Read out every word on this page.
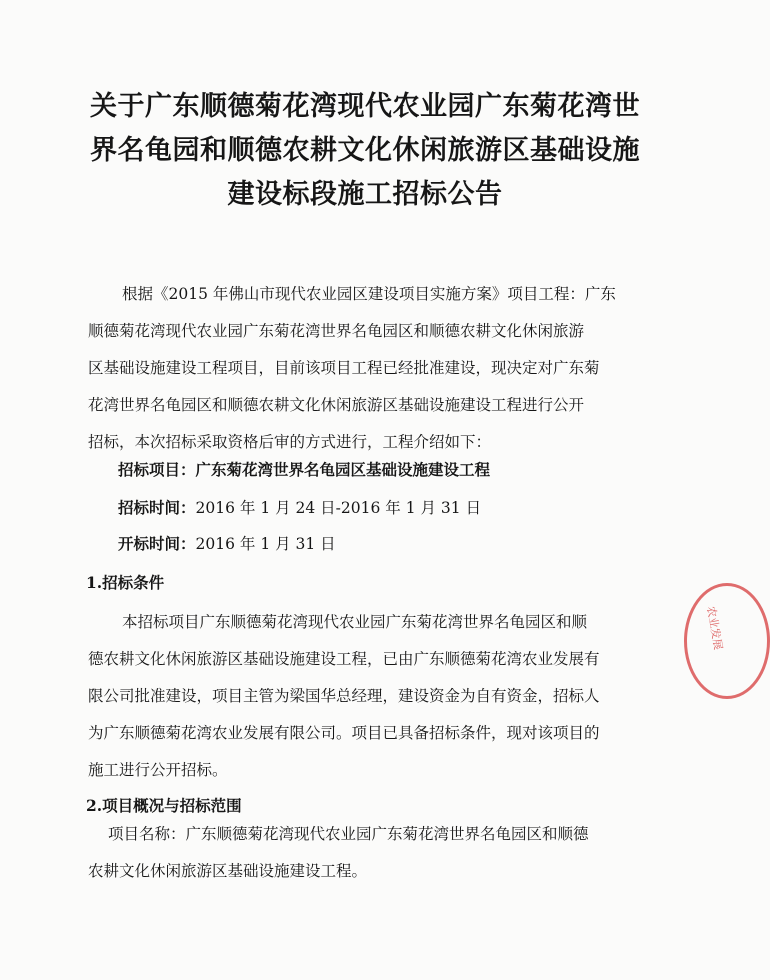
关于广东顺德菊花湾现代农业园广东菊花湾世
界名龟园和顺德农耕文化休闲旅游区基础设施
建设标段施工招标公告
根据《2015 年佛山市现代农业园区建设项目实施方案》项目工程：广东
顺德菊花湾现代农业园广东菊花湾世界名龟园区和顺德农耕文化休闲旅游
区基础设施建设工程项目，目前该项目工程已经批准建设，现决定对广东菊
花湾世界名龟园区和顺德农耕文化休闲旅游区基础设施建设工程进行公开
招标，本次招标采取资格后审的方式进行，工程介绍如下：
招标项目：广东菊花湾世界名龟园区基础设施建设工程
招标时间：2016 年 1 月 24 日-2016 年 1 月 31 日
开标时间：2016 年 1 月 31 日
1.招标条件
本招标项目广东顺德菊花湾现代农业园广东菊花湾世界名龟园区和顺
德农耕文化休闲旅游区基础设施建设工程，已由广东顺德菊花湾农业发展有
限公司批准建设，项目主管为梁国华总经理，建设资金为自有资金，招标人
为广东顺德菊花湾农业发展有限公司。项目已具备招标条件，现对该项目的
施工进行公开招标。
2.项目概况与招标范围
项目名称：广东顺德菊花湾现代农业园广东菊花湾世界名龟园区和顺德
农耕文化休闲旅游区基础设施建设工程。
农业发展
